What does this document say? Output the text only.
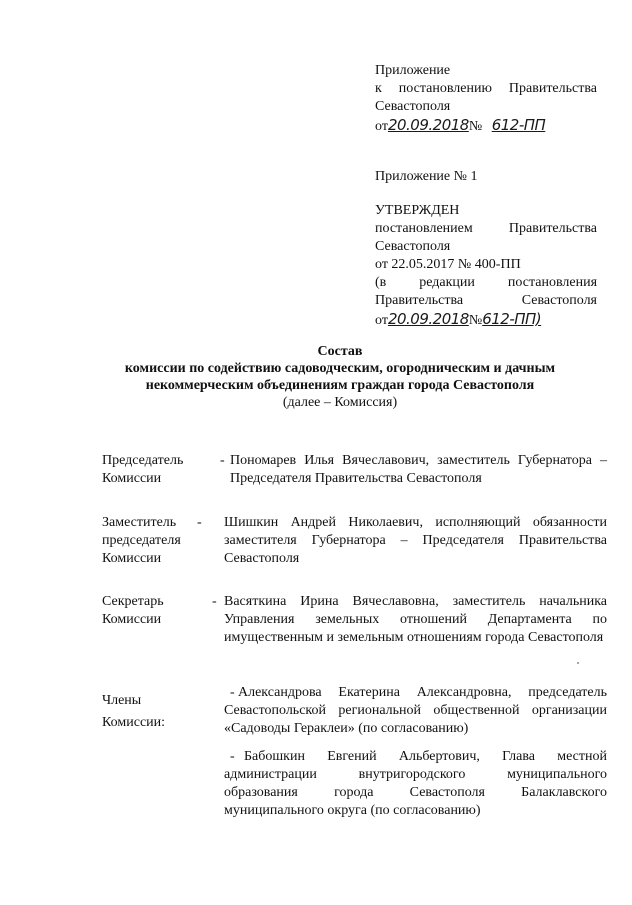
Приложение
к постановлению Правительства
Севастополя
от20.09.2018№ 612-ПП
Приложение № 1
УТВЕРЖДЕН
постановлением	Правительства
Севастополя
от 22.05.2017 № 400-ПП
(в редакции постановления
Правительства	Севастополя
от20.09.2018№612-ПП)
Состав
комиссии по содействию садоводческим, огородническим и дачным
некоммерческим объединениям граждан города Севастополя
(далее – Комиссия)
Председатель
Комиссии
- Пономарев Илья Вячеславович, заместитель Губернатора – Председателя Правительства Севастополя
Заместитель
председателя
Комиссии
- Шишкин Андрей Николаевич, исполняющий обязанности заместителя Губернатора – Председателя Правительства Севастополя
Секретарь
Комиссии
- Васяткина Ирина Вячеславовна, заместитель начальника Управления земельных отношений Департамента по имущественным и земельным отношениям города Севастополя
Члены
Комиссии:
- Александрова Екатерина Александровна, председатель Севастопольской региональной общественной организации «Садоводы Гераклеи» (по согласованию)
- Бабошкин Евгений Альбертович, Глава местной администрации внутригородского муниципального образования города Севастополя Балаклавского муниципального округа (по согласованию)
